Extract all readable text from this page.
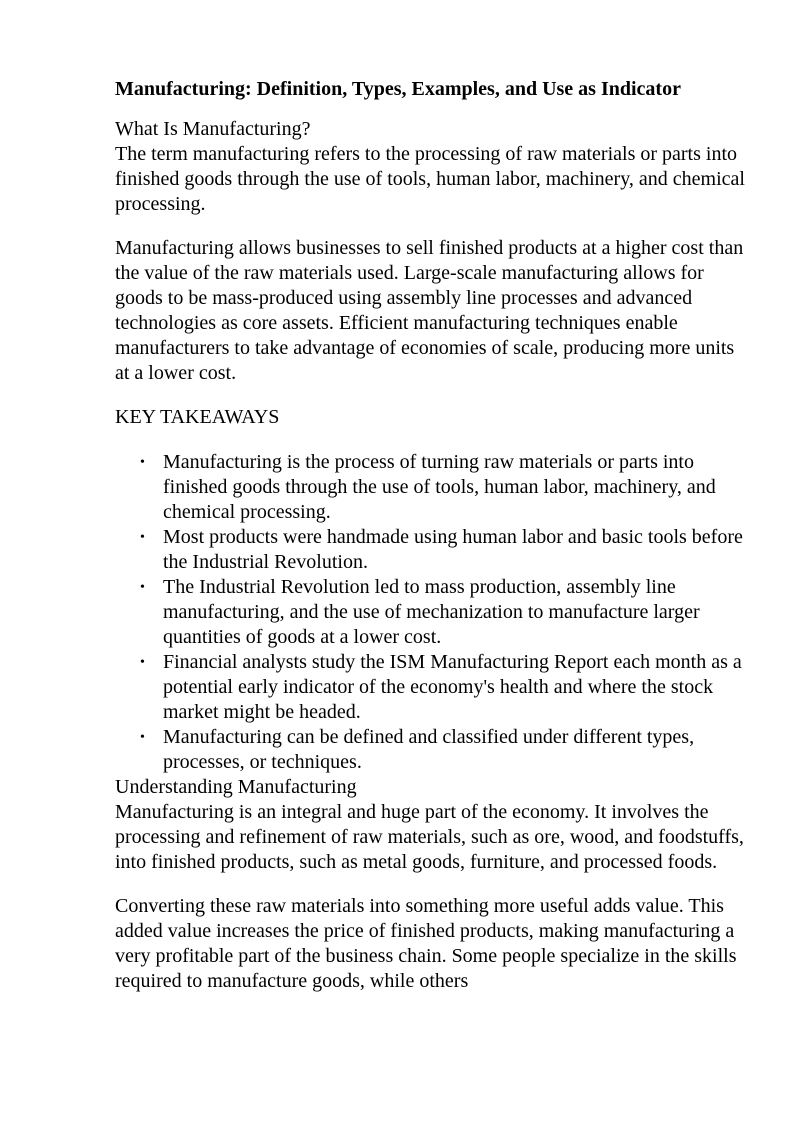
Manufacturing: Definition, Types, Examples, and Use as Indicator
What Is Manufacturing?

The term manufacturing refers to the processing of raw materials or parts into finished goods through the use of tools, human labor, machinery, and chemical processing.

Manufacturing allows businesses to sell finished products at a higher cost than the value of the raw materials used. Large-scale manufacturing allows for goods to be mass-produced using assembly line processes and advanced technologies as core assets. Efficient manufacturing techniques enable manufacturers to take advantage of economies of scale, producing more units at a lower cost.

KEY TAKEAWAYS
• Manufacturing is the process of turning raw materials or parts into finished goods through the use of tools, human labor, machinery, and chemical processing.
• Most products were handmade using human labor and basic tools before the Industrial Revolution.
• The Industrial Revolution led to mass production, assembly line manufacturing, and the use of mechanization to manufacture larger quantities of goods at a lower cost.
• Financial analysts study the ISM Manufacturing Report each month as a potential early indicator of the economy's health and where the stock market might be headed.
• Manufacturing can be defined and classified under different types, processes, or techniques.
Understanding Manufacturing

Manufacturing is an integral and huge part of the economy. It involves the processing and refinement of raw materials, such as ore, wood, and foodstuffs, into finished products, such as metal goods, furniture, and processed foods.

Converting these raw materials into something more useful adds value. This added value increases the price of finished products, making manufacturing a very profitable part of the business chain. Some people specialize in the skills required to manufacture goods, while others
